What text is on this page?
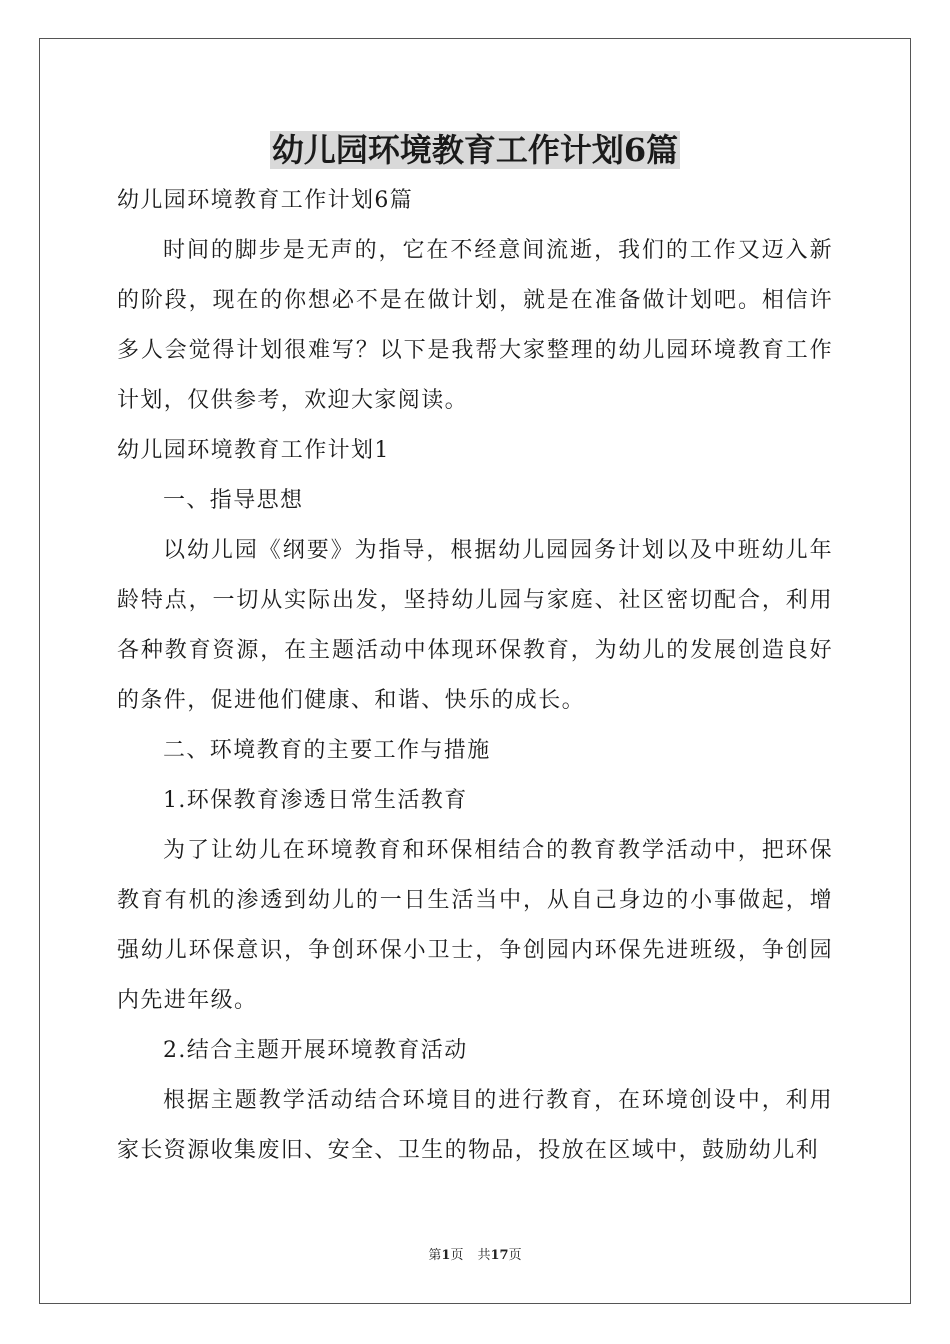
幼儿园环境教育工作计划6篇

幼儿园环境教育工作计划6篇

时间的脚步是无声的，它在不经意间流逝，我们的工作又迈入新的阶段，现在的你想必不是在做计划，就是在准备做计划吧。相信许多人会觉得计划很难写？以下是我帮大家整理的幼儿园环境教育工作计划，仅供参考，欢迎大家阅读。

幼儿园环境教育工作计划1

一、指导思想

以幼儿园《纲要》为指导，根据幼儿园园务计划以及中班幼儿年龄特点，一切从实际出发，坚持幼儿园与家庭、社区密切配合，利用各种教育资源，在主题活动中体现环保教育，为幼儿的发展创造良好的条件，促进他们健康、和谐、快乐的成长。

二、环境教育的主要工作与措施

1.环保教育渗透日常生活教育

为了让幼儿在环境教育和环保相结合的教育教学活动中，把环保教育有机的渗透到幼儿的一日生活当中，从自己身边的小事做起，增强幼儿环保意识，争创环保小卫士，争创园内环保先进班级，争创园内先进年级。

2.结合主题开展环境教育活动

根据主题教学活动结合环境目的进行教育，在环境创设中，利用家长资源收集废旧、安全、卫生的物品，投放在区域中，鼓励幼儿利

第1页 共17页
